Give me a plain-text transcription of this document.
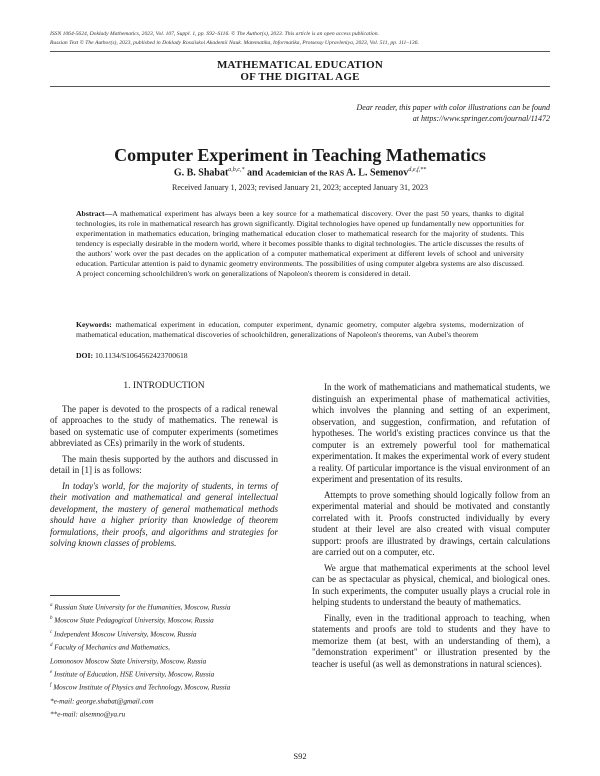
ISSN 1064-5624, Doklady Mathematics, 2023, Vol. 107, Suppl. 1, pp. S92–S116. © The Author(s), 2023. This article is an open access publication.
Russian Text © The Author(s), 2023, published in Doklady Rossiiskoi Akademii Nauk. Matematika, Informatika, Protsessy Upravleniya, 2023, Vol. 511, pp. 111–136.
MATHEMATICAL EDUCATION
OF THE DIGITAL AGE
Dear reader, this paper with color illustrations can be found
at https://www.springer.com/journal/11472
Computer Experiment in Teaching Mathematics
G. B. Shabat$^{a,b,c,*}$ and Academician of the RAS A. L. Semenov$^{d,e,f,**}$
Received January 1, 2023; revised January 21, 2023; accepted January 31, 2023
Abstract—A mathematical experiment has always been a key source for a mathematical discovery. Over the past 50 years, thanks to digital technologies, its role in mathematical research has grown significantly. Digital technologies have opened up fundamentally new opportunities for experimentation in mathematics education, bringing mathematical education closer to mathematical research for the majority of students. This tendency is especially desirable in the modern world, where it becomes possible thanks to digital technologies. The article discusses the results of the authors' work over the past decades on the application of a computer mathematical experiment at different levels of school and university education. Particular attention is paid to dynamic geometry environments. The possibilities of using computer algebra systems are also discussed. A project concerning schoolchildren's work on generalizations of Napoleon's theorem is considered in detail.
Keywords: mathematical experiment in education, computer experiment, dynamic geometry, computer algebra systems, modernization of mathematical education, mathematical discoveries of schoolchildren, generalizations of Napoleon's theorems, van Aubel's theorem
DOI: 10.1134/S1064562423700618
1. INTRODUCTION

The paper is devoted to the prospects of a radical renewal of approaches to the study of mathematics. The renewal is based on systematic use of computer experiments (sometimes abbreviated as CEs) primarily in the work of students.

The main thesis supported by the authors and discussed in detail in [1] is as follows:

In today's world, for the majority of students, in terms of their motivation and mathematical and general intellectual development, the mastery of general mathematical methods should have a higher priority than knowledge of theorem formulations, their proofs, and algorithms and strategies for solving known classes of problems.

$^a$ Russian State University for the Humanities, Moscow, Russia
$^b$ Moscow State Pedagogical University, Moscow, Russia
$^c$ Independent Moscow University, Moscow, Russia
$^d$ Faculty of Mechanics and Mathematics,
Lomonosov Moscow State University, Moscow, Russia
$^e$ Institute of Education, HSE University, Moscow, Russia
$^f$ Moscow Institute of Physics and Technology, Moscow, Russia
*e-mail: george.shabat@gmail.com
**e-mail: alsemno@ya.ru

In the work of mathematicians and mathematical students, we distinguish an experimental phase of mathematical activities, which involves the planning and setting of an experiment, observation, and suggestion, confirmation, and refutation of hypotheses. The world's existing practices convince us that the computer is an extremely powerful tool for mathematical experimentation. It makes the experimental work of every student a reality. Of particular importance is the visual environment of an experiment and presentation of its results.

Attempts to prove something should logically follow from an experimental material and should be motivated and constantly correlated with it. Proofs constructed individually by every student at their level are also created with visual computer support: proofs are illustrated by drawings, certain calculations are carried out on a computer, etc.

We argue that mathematical experiments at the school level can be as spectacular as physical, chemical, and biological ones. In such experiments, the computer usually plays a crucial role in helping students to understand the beauty of mathematics.

Finally, even in the traditional approach to teaching, when statements and proofs are told to students and they have to memorize them (at best, with an understanding of them), a "demonstration experiment" or illustration presented by the teacher is useful (as well as demonstrations in natural sciences).

S92
